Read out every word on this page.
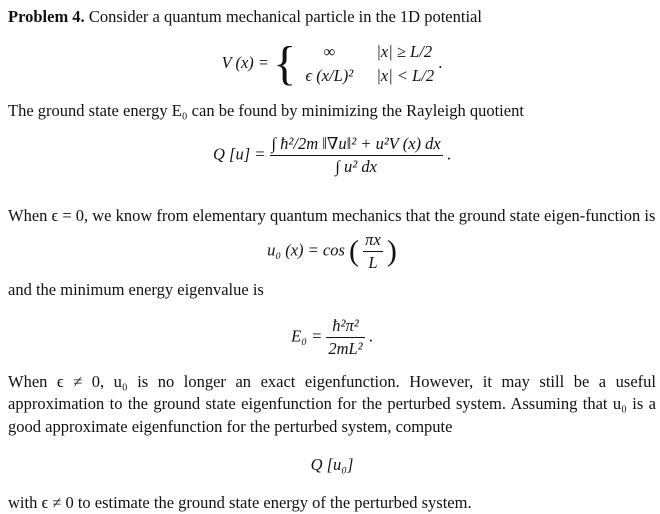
Problem 4. Consider a quantum mechanical particle in the 1D potential

V (x) = {	∞	|x| ≥ L/2
ϵ (x/L)²	|x| < L/2
.

The ground state energy E₀ can be found by minimizing the Rayleigh quotient

Q $[u] = \frac{\text{∫ ħ²/2m ‖∇u‖² + u²V (x) dx}}{\text{∫ u² dx}}$ .

When ϵ = 0, we know from elementary quantum mechanics that the ground state eigen-function is

u₀ (x) = cos ( $\frac{\pi x}{L}$ )

and the minimum energy eigenvalue is

$E_0 = \frac{\text{ħ²π²}}{\text{2mL²}}$ .

When ϵ ≠ 0, u₀ is no longer an exact eigenfunction. However, it may still be a useful approximation to the ground state eigenfunction for the perturbed system. Assuming that u₀ is a good approximate eigenfunction for the perturbed system, compute

Q [u₀]

with ϵ ≠ 0 to estimate the ground state energy of the perturbed system.
